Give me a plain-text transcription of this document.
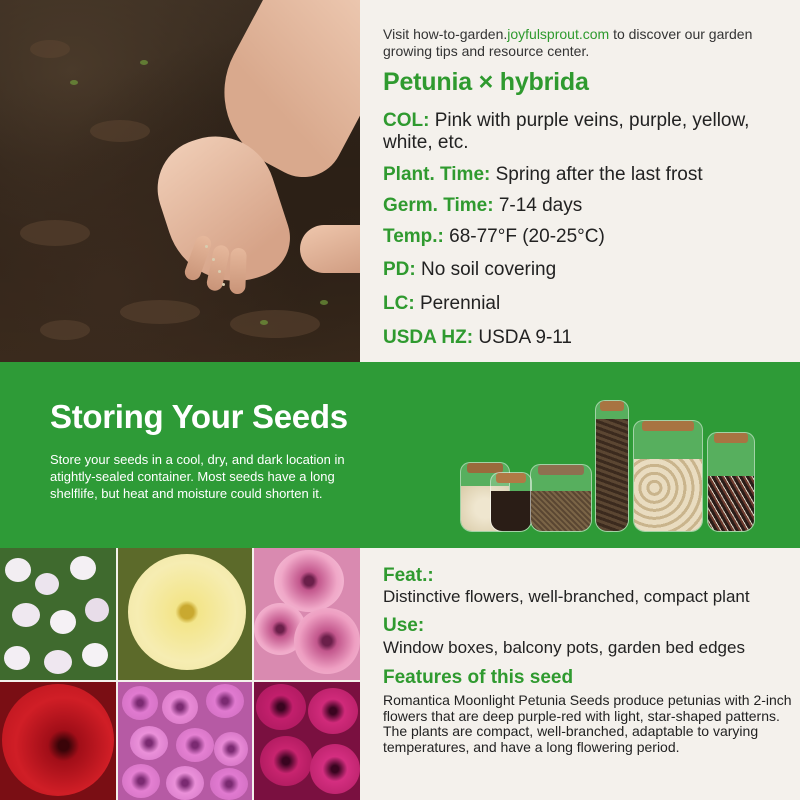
Visit how-to-garden.joyfulsprout.com to discover our garden growing tips and resource center.

Petunia × hybrida
COL: Pink with purple veins, purple, yellow, white, etc.
Plant. Time: Spring after the last frost
Germ. Time: 7-14 days
Temp.: 68-77°F (20-25°C)
PD: No soil covering
LC: Perennial
USDA HZ: USDA 9-11
Storing Your Seeds

Store your seeds in a cool, dry, and dark location in atightly-sealed container. Most seeds have a long shelflife, but heat and moisture could shorten it.

Feat.:
Distinctive flowers, well-branched, compact plant
Use:
Window boxes, balcony pots, garden bed edges
Features of this seed
Romantica Moonlight Petunia Seeds produce petunias with 2-inch flowers that are deep purple-red with light, star-shaped patterns. The plants are compact, well-branched, adaptable to varying temperatures, and have a long flowering period.
